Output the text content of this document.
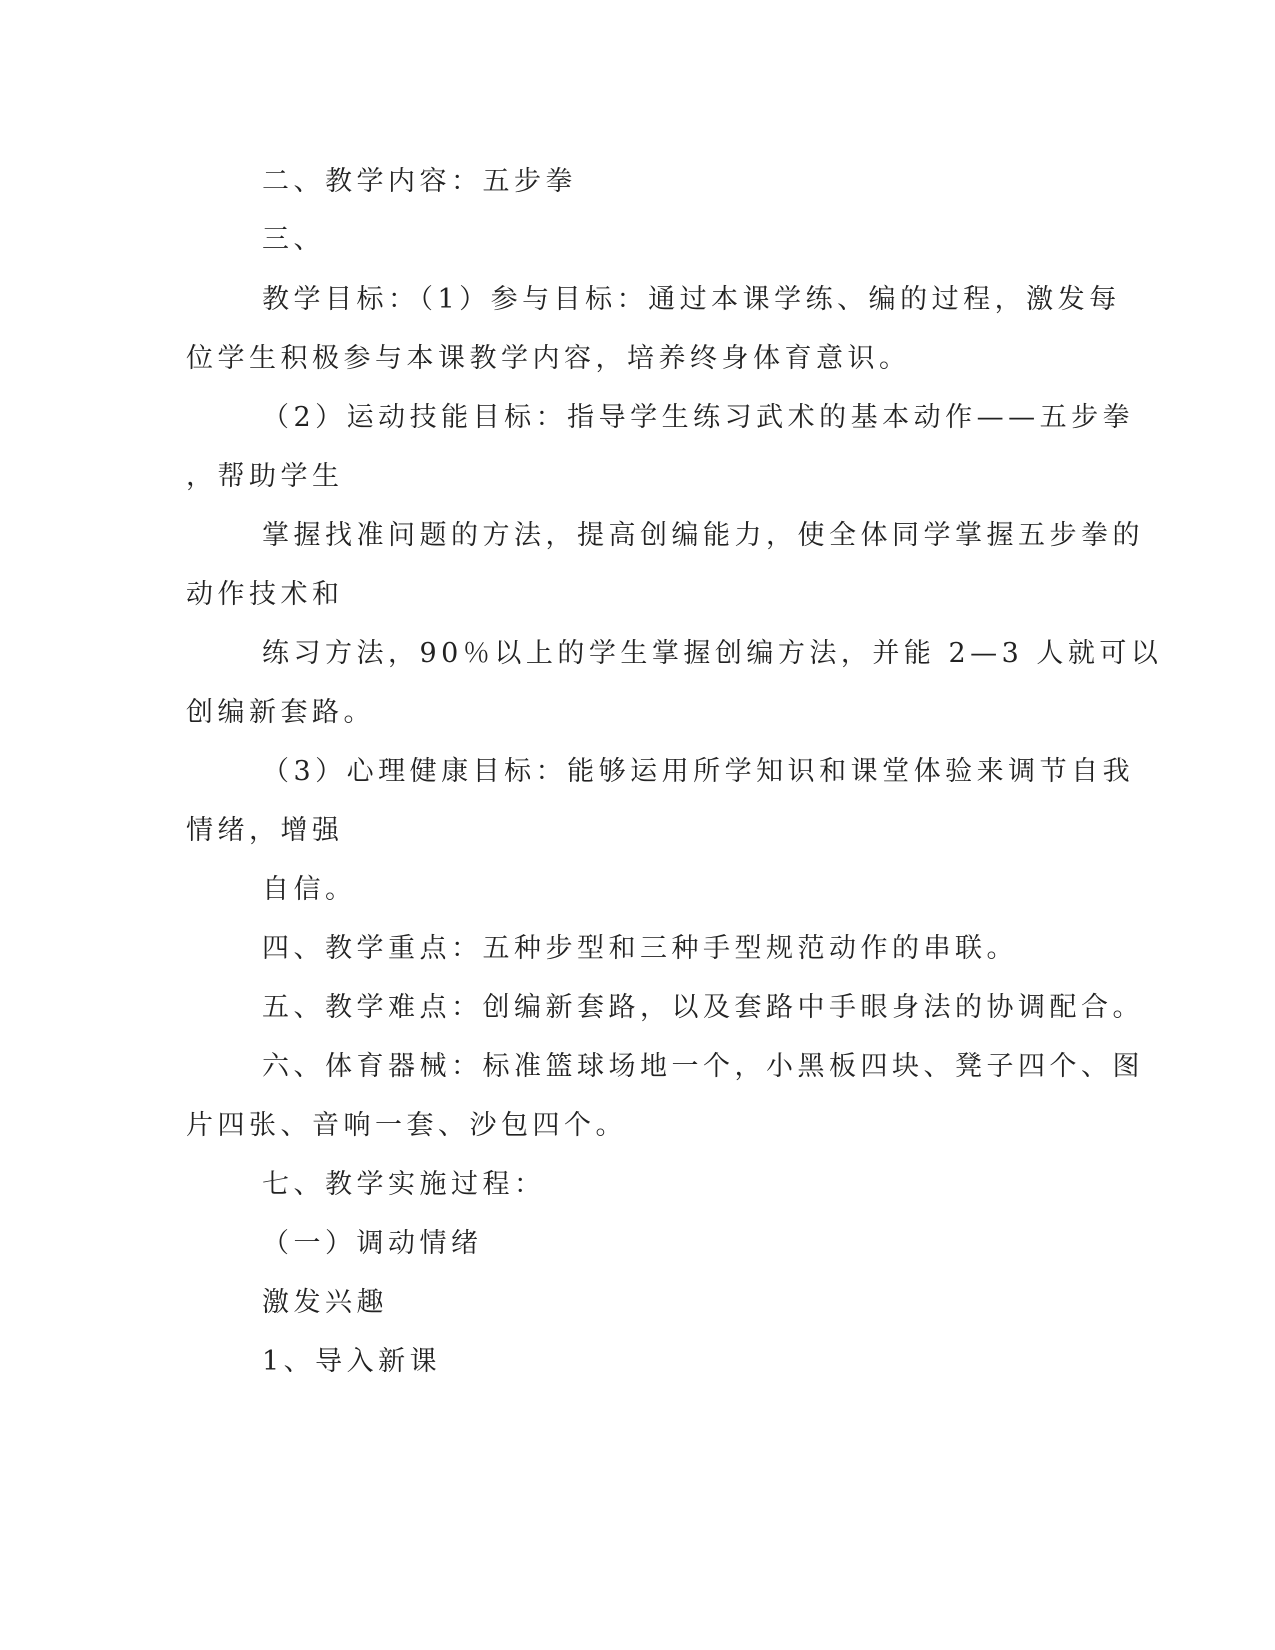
二、教学内容：五步拳

三、

教学目标：（1）参与目标：通过本课学练、编的过程，激发每

位学生积极参与本课教学内容，培养终身体育意识。

（2）运动技能目标：指导学生练习武术的基本动作——五步拳

，帮助学生

掌握找准问题的方法，提高创编能力，使全体同学掌握五步拳的

动作技术和

练习方法，90％以上的学生掌握创编方法，并能 2—3 人就可以

创编新套路。

（3）心理健康目标：能够运用所学知识和课堂体验来调节自我

情绪，增强

自信。

四、教学重点：五种步型和三种手型规范动作的串联。

五、教学难点：创编新套路，以及套路中手眼身法的协调配合。

六、体育器械：标准篮球场地一个，小黑板四块、凳子四个、图

片四张、音响一套、沙包四个。

七、教学实施过程：

（一）调动情绪

激发兴趣

1、导入新课
